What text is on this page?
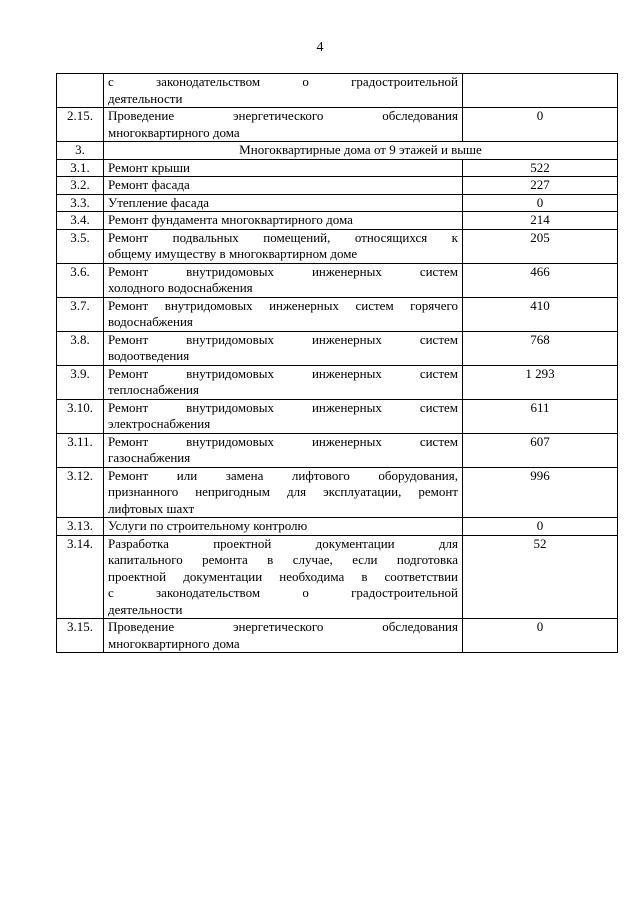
4

	с законодательством о градостроительной
деятельности	
2.15.	Проведение энергетического обследования
многоквартирного дома	0
3.	Многоквартирные дома от 9 этажей и выше	
3.1.	Ремонт крыши	522
3.2.	Ремонт фасада	227
3.3.	Утепление фасада	0
3.4.	Ремонт фундамента многоквартирного дома	214
3.5.	Ремонт подвальных помещений, относящихся к
общему имуществу в многоквартирном доме	205
3.6.	Ремонт внутридомовых инженерных систем
холодного водоснабжения	466
3.7.	Ремонт внутридомовых инженерных систем горячего
водоснабжения	410
3.8.	Ремонт внутридомовых инженерных систем
водоотведения	768
3.9.	Ремонт внутридомовых инженерных систем
теплоснабжения	1 293
3.10.	Ремонт внутридомовых инженерных систем
электроснабжения	611
3.11.	Ремонт внутридомовых инженерных систем
газоснабжения	607
3.12.	Ремонт или замена лифтового оборудования,
признанного непригодным для эксплуатации, ремонт
лифтовых шахт	996
3.13.	Услуги по строительному контролю	0
3.14.	Разработка проектной документации для
капитального ремонта в случае, если подготовка
проектной документации необходима в соответствии
с законодательством о градостроительной
деятельности	52
3.15.	Проведение энергетического обследования
многоквартирного дома	0
